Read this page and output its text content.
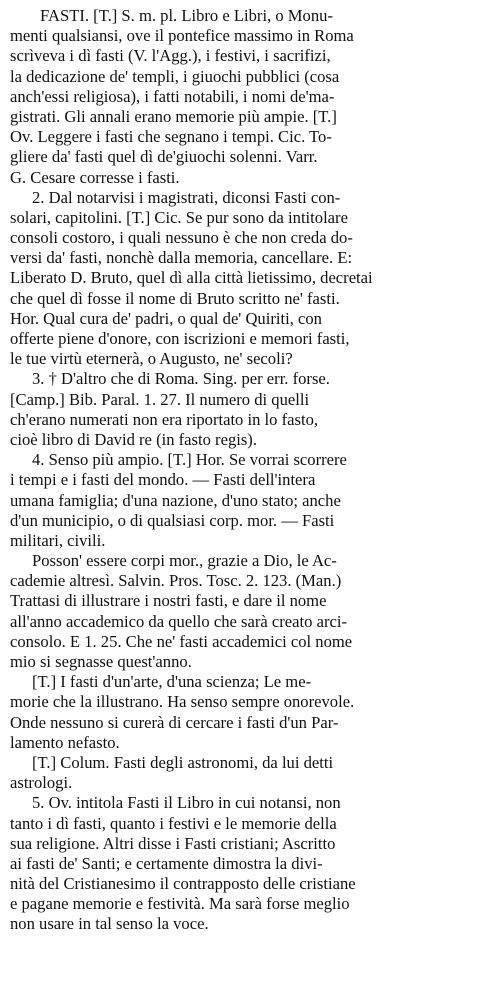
FASTI. [T.] S. m. pl. Libro e Libri, o Monu-
menti qualsiansi, ove il pontefice massimo in Roma
scrìveva i dì fasti (V. l'Agg.), i festivi, i sacrifizi,
la dedicazione de' templi, i giuochi pubblici (cosa
anch'essi religiosa), i fatti notabili, i nomi de'ma-
gistrati. Gli annali erano memorie più ampie. [T.]
Ov. Leggere i fasti che segnano i tempi. Cic. To-
gliere da' fasti quel dì de'giuochi solenni. Varr.
G. Cesare corresse i fasti.
2. Dal notarvisi i magistrati, diconsi Fasti con-
solari, capitolini. [T.] Cic. Se pur sono da intitolare
consoli costoro, i quali nessuno è che non creda do-
versi da' fasti, nonchè dalla memoria, cancellare. E:
Liberato D. Bruto, quel dì alla città lietissimo, decretai
che quel dì fosse il nome di Bruto scritto ne' fasti.
Hor. Qual cura de' padri, o qual de' Quiriti, con
offerte piene d'onore, con iscrizioni e memori fasti,
le tue virtù eternerà, o Augusto, ne' secoli?
3. † D'altro che di Roma. Sing. per err. forse.
[Camp.] Bib. Paral. 1. 27. Il numero di quelli
ch'erano numerati non era riportato in lo fasto,
cioè libro di David re (in fasto regis).
4. Senso più ampio. [T.] Hor. Se vorrai scorrere
i tempi e i fasti del mondo. — Fasti dell'intera
umana famiglia; d'una nazione, d'uno stato; anche
d'un municipio, o di qualsiasi corp. mor. — Fasti
militari, civili.
Posson' essere corpi mor., grazie a Dio, le Ac-
cademie altresì. Salvin. Pros. Tosc. 2. 123. (Man.)
Trattasi di illustrare i nostri fasti, e dare il nome
all'anno accademico da quello che sarà creato arci-
consolo. E 1. 25. Che ne' fasti accademici col nome
mio si segnasse quest'anno.
[T.] I fasti d'un'arte, d'una scienza; Le me-
morie che la illustrano. Ha senso sempre onorevole.
Onde nessuno si curerà di cercare i fasti d'un Par-
lamento nefasto.
[T.] Colum. Fasti degli astronomi, da lui detti
astrologi.
5. Ov. intitola Fasti il Libro in cui notansi, non
tanto i dì fasti, quanto i festivi e le memorie della
sua religione. Altri disse i Fasti cristiani; Ascritto
ai fasti de' Santi; e certamente dimostra la divi-
nità del Cristianesimo il contrapposto delle cristiane
e pagane memorie e festività. Ma sarà forse meglio
non usare in tal senso la voce.
